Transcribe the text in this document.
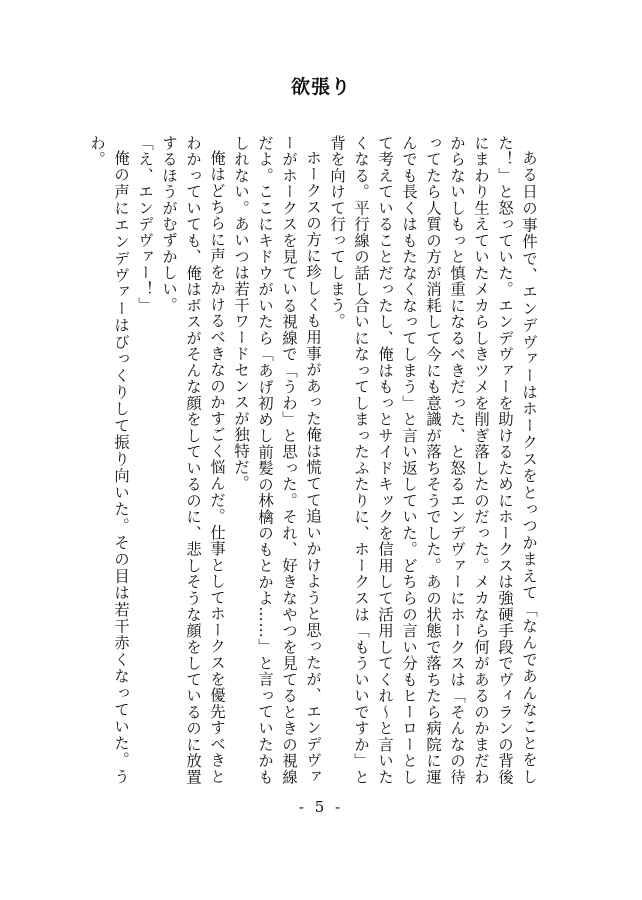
欲張り

ある日の事件で、エンデヴァーはホークスをとっつかまえて「なんであんなことをした！」と怒っていた。エンデヴァーを助けるためにホークスは強硬手段でヴィランの背後にまわり生えていたメカらしきツメを削ぎ落したのだった。メカなら何があるのかまだわからないしもっと慎重になるべきだった、と怒るエンデヴァーにホークスは「そんなの待ってたら人質の方が消耗して今にも意識が落ちそうでした。あの状態で落ちたら病院に運んでも長くはもたなくなってしまう」と言い返していた。どちらの言い分もヒーローとして考えていることだったし、俺はもっとサイドキックを信用して活用してくれ～と言いたくなる。平行線の話し合いになってしまったふたりに、ホークスは「もういいですか」と背を向けて行ってしまう。

ホークスの方に珍しくも用事があった俺は慌てて追いかけようと思ったが、エンデヴァーがホークスを見ている視線で「うわ」と思った。それ、好きなやつを見てるときの視線だよ。ここにキドウがいたら「あげ初めし前髪の林檎のもとかよ……」と言っていたかもしれない。あいつは若干ワードセンスが独特だ。

俺はどちらに声をかけるべきなのかすごく悩んだ。仕事としてホークスを優先すべきとわかっていても、俺はボスがそんな顔をしているのに、悲しそうな顔をしているのに放置するほうがむずかしい。

「え、エンデヴァー！」

俺の声にエンデヴァーはびっくりして振り向いた。その目は若干赤くなっていた。うわ。

- 5 -
